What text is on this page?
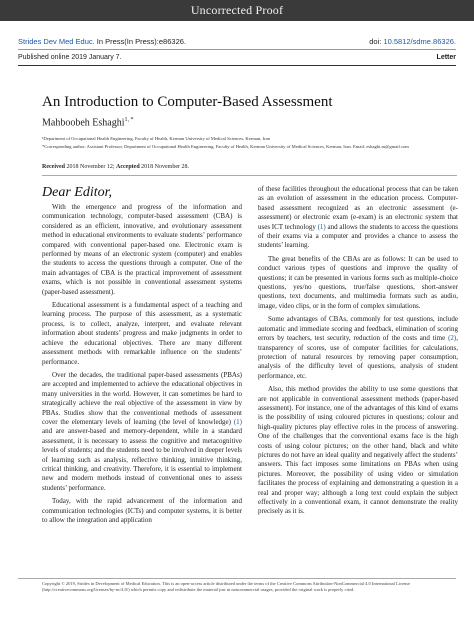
Uncorrected Proof
Strides Dev Med Educ. In Press(In Press):e86326.	doi: 10.5812/sdme.86326.
Published online 2019 January 7.	Letter
An Introduction to Computer-Based Assessment
Mahboobeh Eshaghi$^{1, *}$
¹Department of Occupational Health Engineering, Faculty of Health, Kerman University of Medical Sciences, Kerman, Iran
*Corresponding author: Assistant Professor, Department of Occupational Health Engineering, Faculty of Health, Kerman University of Medical Sciences, Kerman, Iran. Email: eshaghi.m@gmail.com
Received 2018 November 12; Accepted 2018 November 28.
Dear Editor,

With the emergence and progress of the information and communication technology, computer-based assessment (CBA) is considered as an efficient, innovative, and evolutionary assessment method in educational environments to evaluate students’ performance compared with conventional paper-based one. Electronic exam is performed by means of an electronic system (computer) and enables the students to access the questions through a computer. One of the main advantages of CBA is the practical improvement of assessment exams, which is not possible in conventional assessment systems (paper-based assessment).

Educational assessment is a fundamental aspect of a teaching and learning process. The purpose of this assessment, as a systematic process, is to collect, analyze, interpret, and evaluate relevant information about students’ progress and make judgments in order to achieve the educational objectives. There are many different assessment methods with remarkable influence on the students’ performance.

Over the decades, the traditional paper-based assessments (PBAs) are accepted and implemented to achieve the educational objectives in many universities in the world. However, it can sometimes be hard to strategically achieve the real objective of the assessment in view by PBAs. Studies show that the conventional methods of assessment cover the elementary levels of learning (the level of knowledge) (1) and are answer-based and memory-dependent, while in a standard assessment, it is necessary to assess the cognitive and metacognitive levels of students; and the students need to be involved in deeper levels of learning such as analysis, reflective thinking, intuitive thinking, critical thinking, and creativity. Therefore, it is essential to implement new and modern methods instead of conventional ones to assess students’ performance.

Today, with the rapid advancement of the information and communication technologies (ICTs) and computer systems, it is better to allow the integration and application

of these facilities throughout the educational process that can be taken as an evolution of assessment in the education process. Computer-based assessment recognized as an electronic assessment (e-assessment) or electronic exam (e-exam) is an electronic system that uses ICT technology (1) and allows the students to access the questions of their exams via a computer and provides a chance to assess the students’ learning.

The great benefits of the CBAs are as follows: It can be used to conduct various types of questions and improve the quality of questions; it can be presented in various forms such as multiple-choice questions, yes/no questions, true/false questions, short-answer questions, text documents, and multimedia formats such as audio, image, video clips, or in the form of complex simulations.

Some advantages of CBAs, commonly for test questions, include automatic and immediate scoring and feedback, elimination of scoring errors by teachers, test security, reduction of the costs and time (2), transparency of scores, use of computer facilities for calculations, protection of natural resources by removing paper consumption, analysis of the difficulty level of questions, analysis of student performance, etc.

Also, this method provides the ability to use some questions that are not applicable in conventional assessment methods (paper-based assessment). For instance, one of the advantages of this kind of exams is the possibility of using coloured pictures in questions; colour and high-quality pictures play effective roles in the process of answering. One of the challenges that the conventional exams face is the high costs of using colour pictures; on the other hand, black and white pictures do not have an ideal quality and negatively affect the students’ answers. This fact imposes some limitations on PBAs when using pictures. Moreover, the possibility of using video or simulation facilitates the process of explaining and demonstrating a question in a real and proper way; although a long text could explain the subject effectively in a conventional exam, it cannot demonstrate the reality precisely as it is.

Copyright © 2019, Strides in Development of Medical Education. This is an open-access article distributed under the terms of the Creative Commons Attribution-NonCommercial 4.0 International License (http://creativecommons.org/licenses/by-nc/4.0/) which permits copy and redistribute the material just in noncommercial usages, provided the original work is properly cited.
